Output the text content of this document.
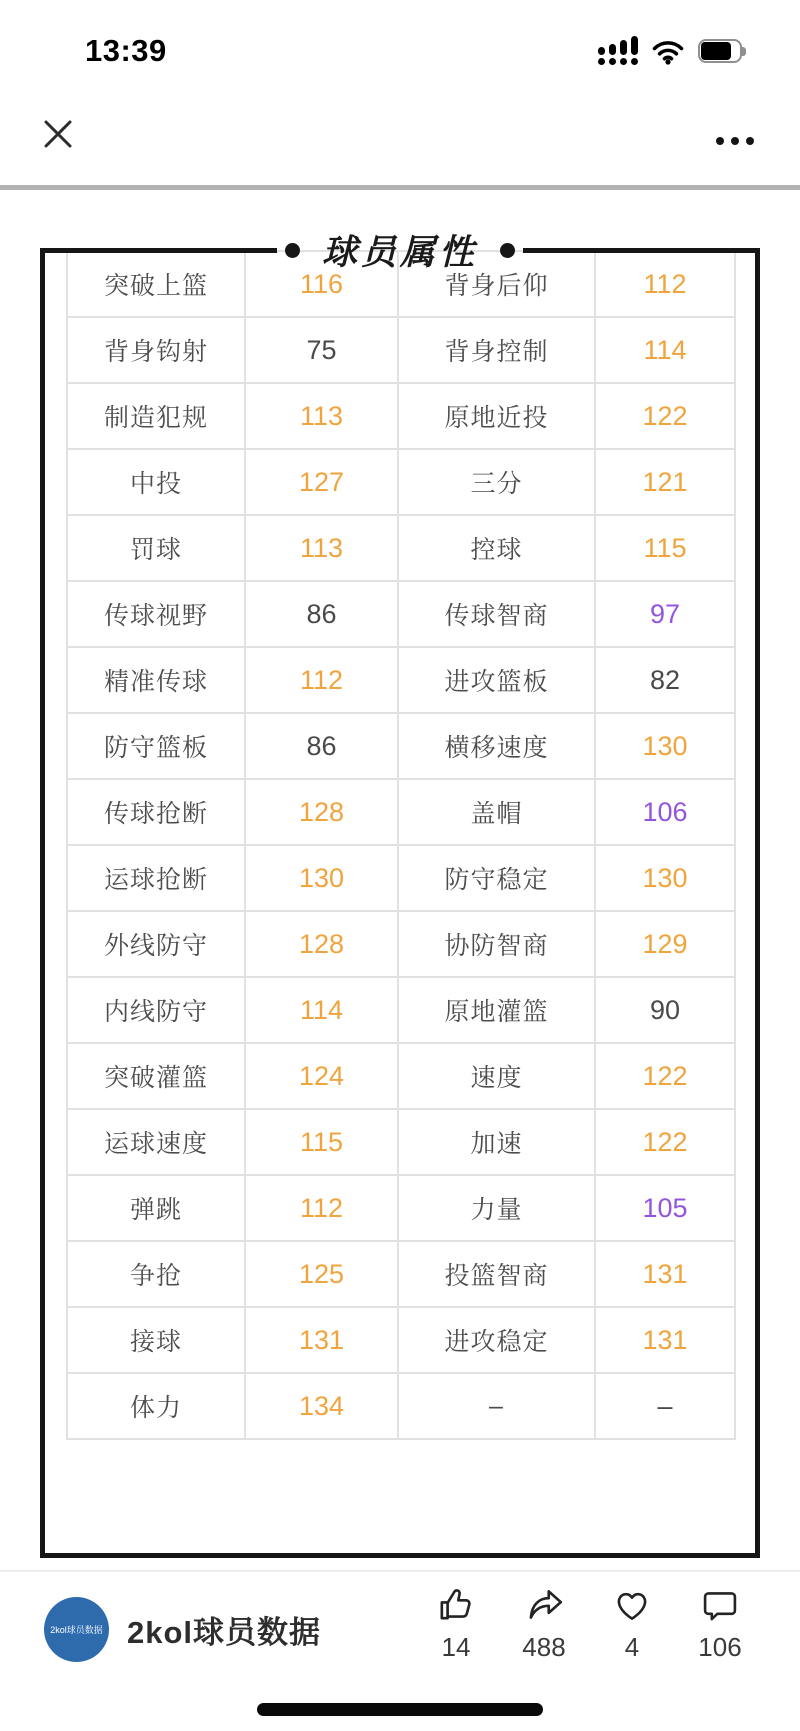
13:39
球员属性
突破上篮	116	背身后仰	112
背身钩射	75	背身控制	114
制造犯规	113	原地近投	122
中投	127	三分	121
罚球	113	控球	115
传球视野	86	传球智商	97
精准传球	112	进攻篮板	82
防守篮板	86	横移速度	130
传球抢断	128	盖帽	106
运球抢断	130	防守稳定	130
外线防守	128	协防智商	129
内线防守	114	原地灌篮	90
突破灌篮	124	速度	122
运球速度	115	加速	122
弹跳	112	力量	105
争抢	125	投篮智商	131
接球	131	进攻稳定	131
体力	134	–	–
2kol球员数据 2kol球员数据	14 488 4 106
